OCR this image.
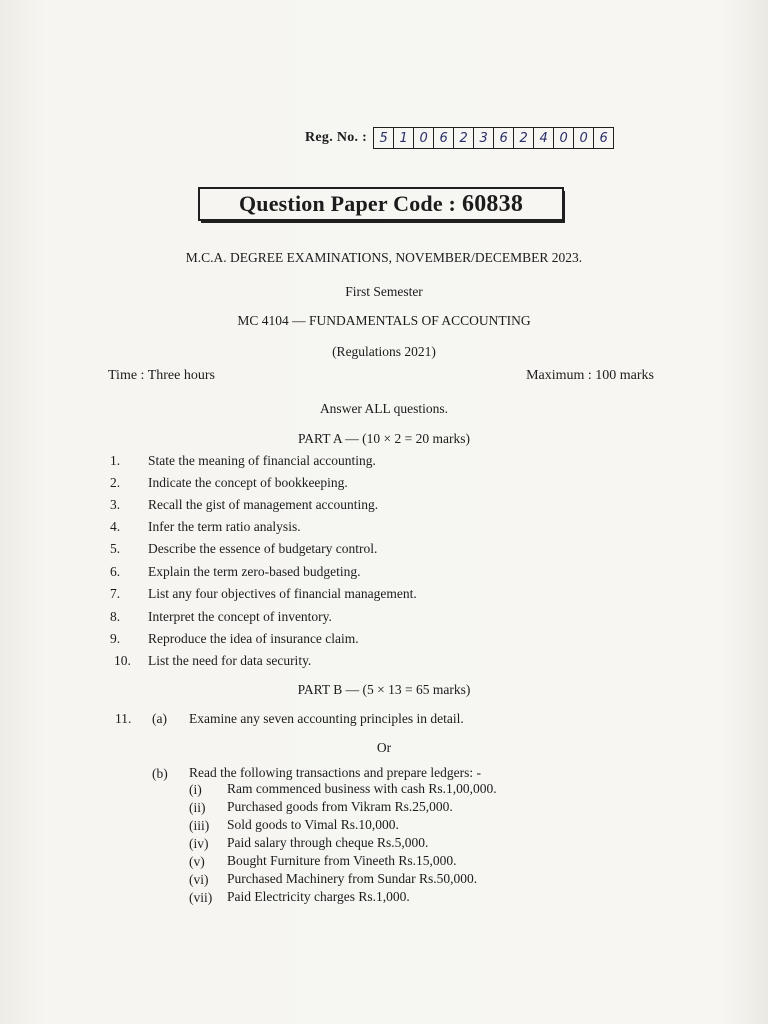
Reg. No. : 5 1 0 6 2 3 6 2 4 0 0 6
Question Paper Code : 60838
M.C.A. DEGREE EXAMINATIONS, NOVEMBER/DECEMBER 2023.
First Semester
MC 4104 — FUNDAMENTALS OF ACCOUNTING
(Regulations 2021)
Time : Three hours	Maximum : 100 marks
Answer ALL questions.
PART A — (10 × 2 = 20 marks)
1.	State the meaning of financial accounting.
2.	Indicate the concept of bookkeeping.
3.	Recall the gist of management accounting.
4.	Infer the term ratio analysis.
5.	Describe the essence of budgetary control.
6.	Explain the term zero-based budgeting.
7.	List any four objectives of financial management.
8.	Interpret the concept of inventory.
9.	Reproduce the idea of insurance claim.
10.	List the need for data security.
PART B — (5 × 13 = 65 marks)
11. (a) Examine any seven accounting principles in detail.
Or
(b) Read the following transactions and prepare ledgers: -
(i) Ram commenced business with cash Rs.1,00,000.
(ii) Purchased goods from Vikram Rs.25,000.
(iii) Sold goods to Vimal Rs.10,000.
(iv) Paid salary through cheque Rs.5,000.
(v) Bought Furniture from Vineeth Rs.15,000.
(vi) Purchased Machinery from Sundar Rs.50,000.
(vii) Paid Electricity charges Rs.1,000.
